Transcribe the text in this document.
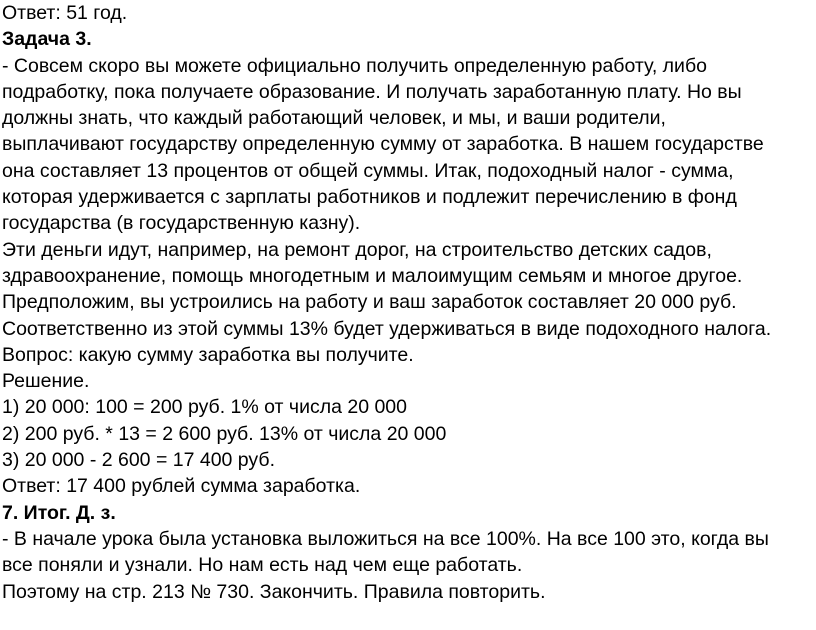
Ответ: 51 год.
Задача 3.
- Совсем скоро вы можете официально получить определенную работу, либо
подработку, пока получаете образование. И получать заработанную плату. Но вы
должны знать, что каждый работающий человек, и мы, и ваши родители,
выплачивают государству определенную сумму от заработка. В нашем государстве
она составляет 13 процентов от общей суммы. Итак, подоходный налог - сумма,
которая удерживается с зарплаты работников и подлежит перечислению в фонд
государства (в государственную казну).
Эти деньги идут, например, на ремонт дорог, на строительство детских садов,
здравоохранение, помощь многодетным и малоимущим семьям и многое другое.
Предположим, вы устроились на работу и ваш заработок составляет 20 000 руб.
Соответственно из этой суммы 13% будет удерживаться в виде подоходного налога.
Вопрос: какую сумму заработка вы получите.
Решение.
1) 20 000: 100 = 200 руб. 1% от числа 20 000
2) 200 руб. * 13 = 2 600 руб. 13% от числа 20 000
3) 20 000 - 2 600 = 17 400 руб.
Ответ: 17 400 рублей сумма заработка.
7. Итог. Д. з.
- В начале урока была установка выложиться на все 100%. На все 100 это, когда вы
все поняли и узнали. Но нам есть над чем еще работать.
Поэтому на стр. 213 № 730. Закончить. Правила повторить.
